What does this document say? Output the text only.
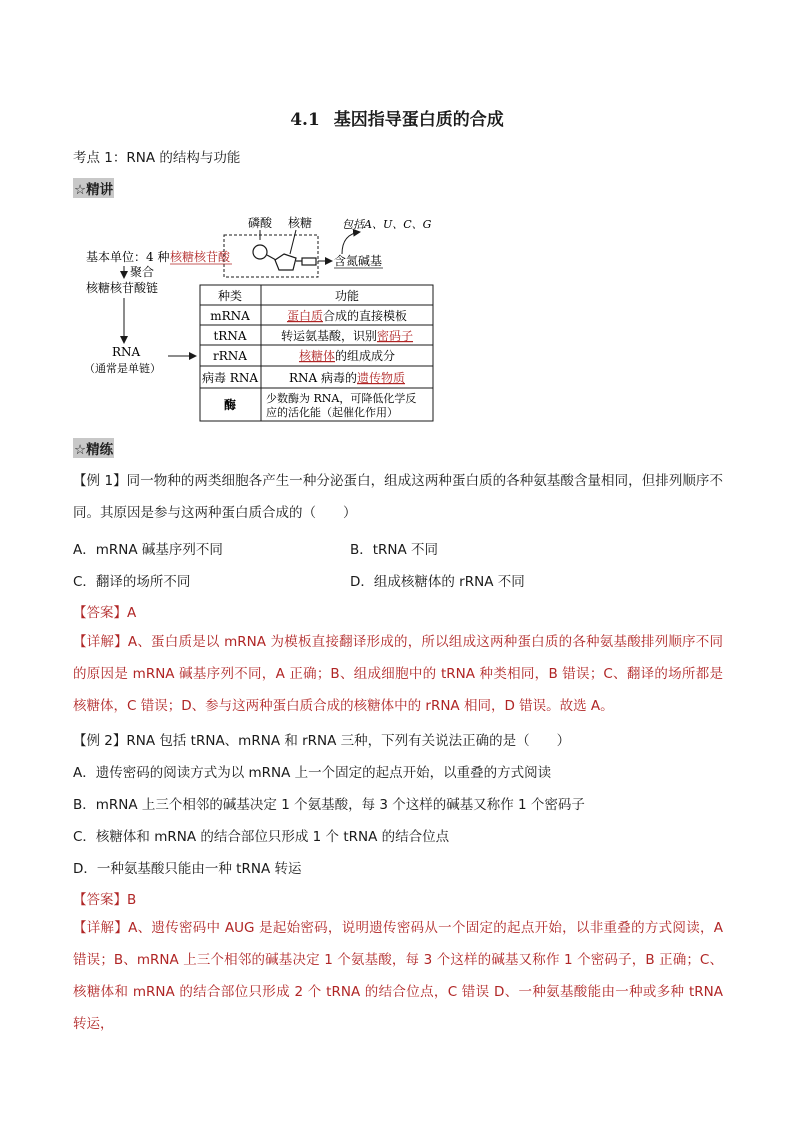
4.1 基因指导蛋白质的合成
考点 1：RNA 的结构与功能
☆精讲
磷酸 核糖	包括A、U、C、G
含氮碱基
基本单位：4 种 核糖核苷酸
聚合
核糖核苷酸链
RNA
（通常是单链）
种类	功能
mRNA	蛋白质合成的直接模板
tRNA	转运氨基酸，识别密码子
rRNA	核糖体的组成成分
病毒 RNA	RNA 病毒的遗传物质
酶	少数酶为 RNA，可降低化学反
应的活化能（起催化作用）
☆精练
【例 1】同一物种的两类细胞各产生一种分泌蛋白，组成这两种蛋白质的各种氨基酸含量相同，但排列顺序不同。其原因是参与这两种蛋白质合成的（　　）
A．mRNA 碱基序列不同	B．tRNA 不同
C．翻译的场所不同	D．组成核糖体的 rRNA 不同
【答案】A
【详解】A、蛋白质是以 mRNA 为模板直接翻译形成的，所以组成这两种蛋白质的各种氨基酸排列顺序不同的原因是 mRNA 碱基序列不同，A 正确；B、组成细胞中的 tRNA 种类相同，B 错误；C、翻译的场所都是核糖体，C 错误；D、参与这两种蛋白质合成的核糖体中的 rRNA 相同，D 错误。故选 A。
【例 2】RNA 包括 tRNA、mRNA 和 rRNA 三种，下列有关说法正确的是（　　）
A．遗传密码的阅读方式为以 mRNA 上一个固定的起点开始，以重叠的方式阅读
B．mRNA 上三个相邻的碱基决定 1 个氨基酸，每 3 个这样的碱基又称作 1 个密码子
C．核糖体和 mRNA 的结合部位只形成 1 个 tRNA 的结合位点
D．一种氨基酸只能由一种 tRNA 转运
【答案】B
【详解】A、遗传密码中 AUG 是起始密码，说明遗传密码从一个固定的起点开始，以非重叠的方式阅读，A 错误；B、mRNA 上三个相邻的碱基决定 1 个氨基酸，每 3 个这样的碱基又称作 1 个密码子，B 正确；C、核糖体和 mRNA 的结合部位只形成 2 个 tRNA 的结合位点，C 错误 D、一种氨基酸能由一种或多种 tRNA 转运，
